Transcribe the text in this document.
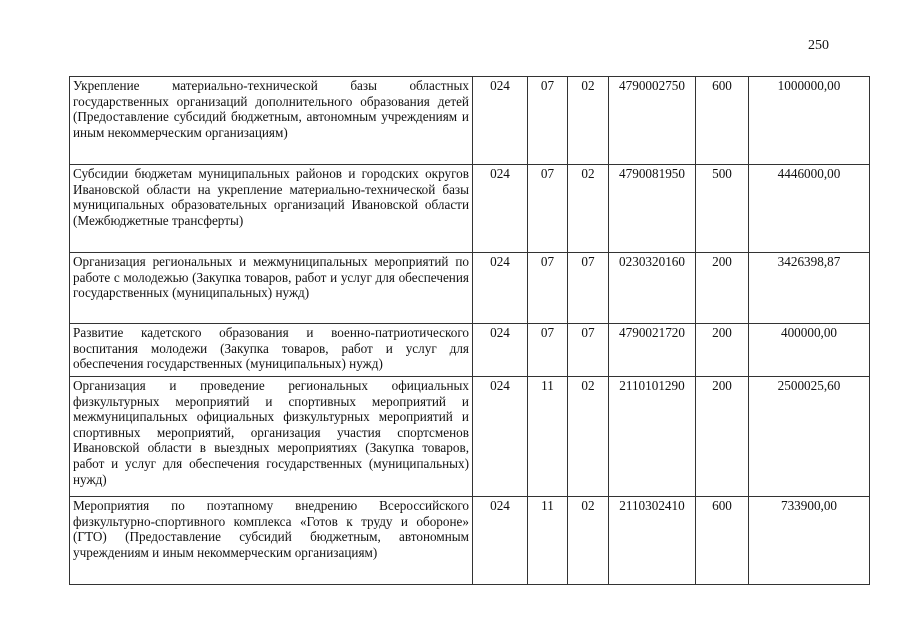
250
Укрепление материально-технической базы областных государственных организаций дополнительного образования детей (Предоставление субсидий бюджетным, автономным учреждениям и иным некоммерческим организациям)	024	07	02	4790002750	600	1000000,00
Субсидии бюджетам муниципальных районов и городских округов Ивановской области на укрепление материально-технической базы муниципальных образовательных организаций Ивановской области (Межбюджетные трансферты)	024	07	02	4790081950	500	4446000,00
Организация региональных и межмуниципальных мероприятий по работе с молодежью (Закупка товаров, работ и услуг для обеспечения государственных (муниципальных) нужд)	024	07	07	0230320160	200	3426398,87
Развитие кадетского образования и военно-патриотического воспитания молодежи (Закупка товаров, работ и услуг для обеспечения государственных (муниципальных) нужд)	024	07	07	4790021720	200	400000,00
Организация и проведение региональных официальных физкультурных мероприятий и спортивных мероприятий и межмуниципальных официальных физкультурных мероприятий и спортивных мероприятий, организация участия спортсменов Ивановской области в выездных мероприятиях (Закупка товаров, работ и услуг для обеспечения государственных (муниципальных) нужд)	024	11	02	2110101290	200	2500025,60
Мероприятия по поэтапному внедрению Всероссийского физкультурно-спортивного комплекса «Готов к труду и обороне» (ГТО) (Предоставление субсидий бюджетным, автономным учреждениям и иным некоммерческим организациям)	024	11	02	2110302410	600	733900,00
